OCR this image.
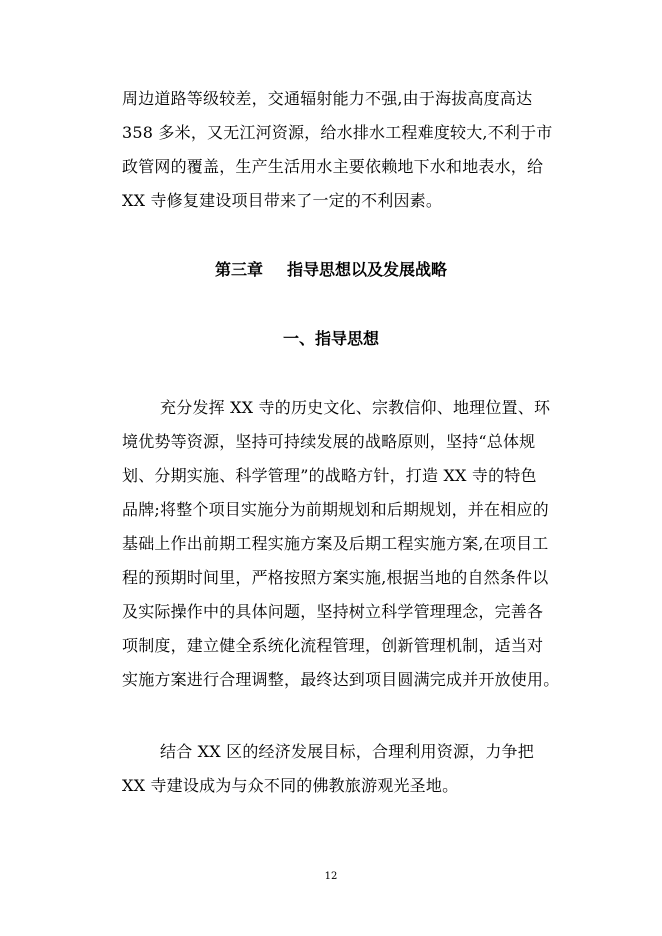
周边道路等级较差，交通辐射能力不强,由于海拔高度高达
358 多米，又无江河资源，给水排水工程难度较大,不利于市
政管网的覆盖，生产生活用水主要依赖地下水和地表水，给
XX 寺修复建设项目带来了一定的不利因素。
第三章 指导思想以及发展战略
一、指导思想
充分发挥 XX 寺的历史文化、宗教信仰、地理位置、环
境优势等资源，坚持可持续发展的战略原则，坚持“总体规
划、分期实施、科学管理”的战略方针，打造 XX 寺的特色
品牌;将整个项目实施分为前期规划和后期规划，并在相应的
基础上作出前期工程实施方案及后期工程实施方案,在项目工
程的预期时间里，严格按照方案实施,根据当地的自然条件以
及实际操作中的具体问题，坚持树立科学管理理念，完善各
项制度，建立健全系统化流程管理，创新管理机制，适当对
实施方案进行合理调整，最终达到项目圆满完成并开放使用。
结合 XX 区的经济发展目标，合理利用资源，力争把
XX 寺建设成为与众不同的佛教旅游观光圣地。
12
